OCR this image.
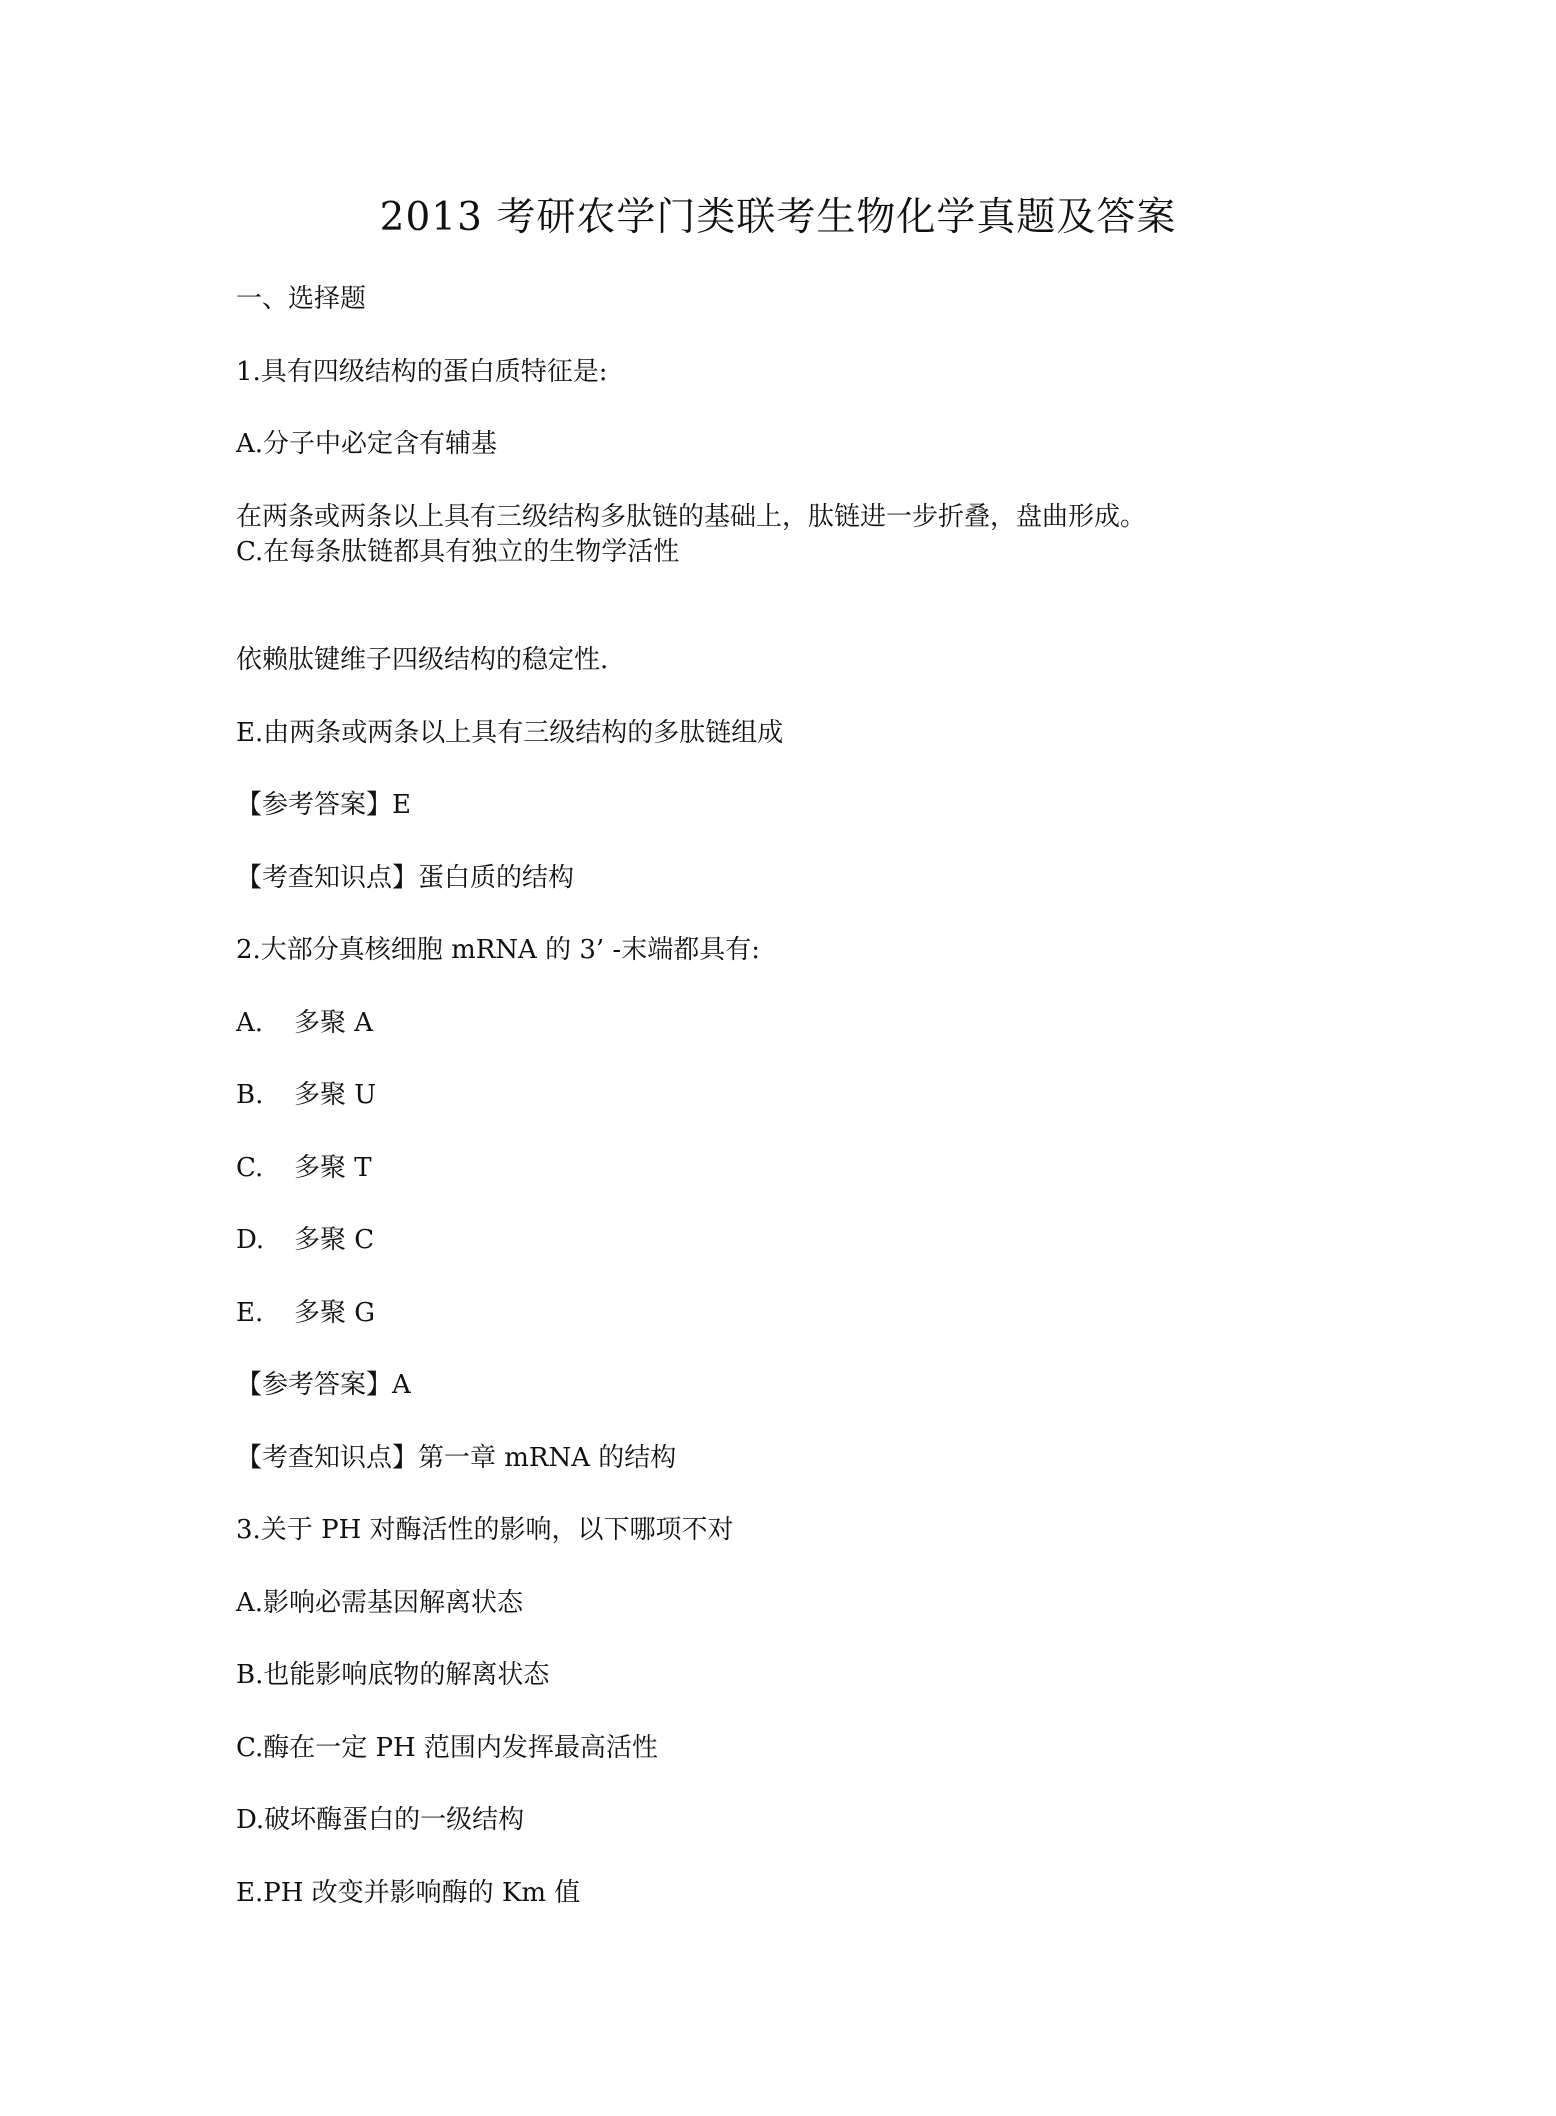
2013 考研农学门类联考生物化学真题及答案
一、选择题
1.具有四级结构的蛋白质特征是:
A.分子中必定含有辅基
在两条或两条以上具有三级结构多肽链的基础上，肽链进一步折叠，盘曲形成。
C.在每条肽链都具有独立的生物学活性
依赖肽键维子四级结构的稳定性.
E.由两条或两条以上具有三级结构的多肽链组成
【参考答案】E
【考查知识点】蛋白质的结构
2.大部分真核细胞 mRNA 的 3’ -末端都具有:
A. 多聚 A
B. 多聚 U
C. 多聚 T
D. 多聚 C
E. 多聚 G
【参考答案】A
【考查知识点】第一章 mRNA 的结构
3.关于 PH 对酶活性的影响，以下哪项不对
A.影响必需基因解离状态
B.也能影响底物的解离状态
C.酶在一定 PH 范围内发挥最高活性
D.破坏酶蛋白的一级结构
E.PH 改变并影响酶的 Km 值
